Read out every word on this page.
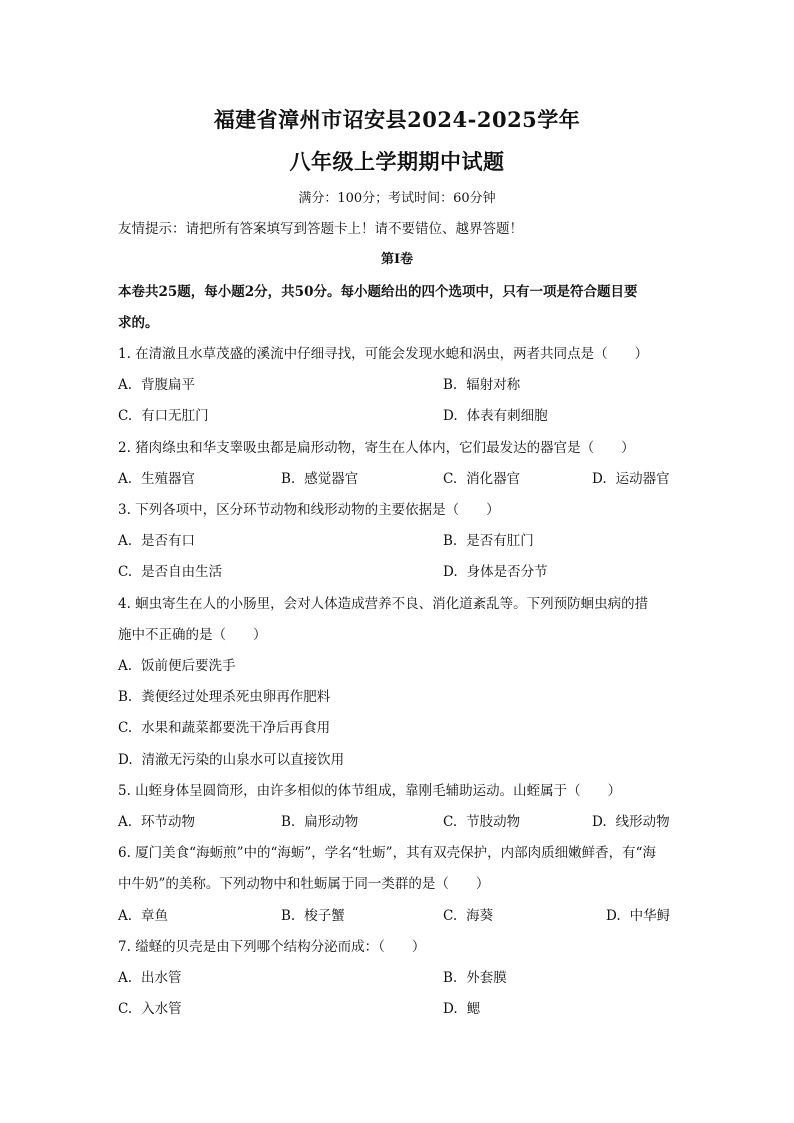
福建省漳州市诏安县2024-2025学年
八年级上学期期中试题
满分：100分；考试时间：60分钟
友情提示：请把所有答案填写到答题卡上！请不要错位、越界答题！
第I卷
本卷共25题，每小题2分，共50分。每小题给出的四个选项中，只有一项是符合题目要
求的。
1. 在清澈且水草茂盛的溪流中仔细寻找，可能会发现水螅和涡虫，两者共同点是（　　）
A. 背腹扁平	B. 辐射对称
C. 有口无肛门	D. 体表有刺细胞
2. 猪肉绦虫和华支睾吸虫都是扁形动物，寄生在人体内，它们最发达的器官是（　　）
A. 生殖器官	B. 感觉器官	C. 消化器官	D. 运动器官
3. 下列各项中，区分环节动物和线形动物的主要依据是（　　）
A. 是否有口	B. 是否有肛门
C. 是否自由生活	D. 身体是否分节
4. 蛔虫寄生在人的小肠里，会对人体造成营养不良、消化道紊乱等。下列预防蛔虫病的措
施中不正确的是（　　）
A. 饭前便后要洗手
B. 粪便经过处理杀死虫卵再作肥料
C. 水果和蔬菜都要洗干净后再食用
D. 清澈无污染的山泉水可以直接饮用
5. 山蛭身体呈圆筒形，由许多相似的体节组成，靠刚毛辅助运动。山蛭属于（　　）
A. 环节动物	B. 扁形动物	C. 节肢动物	D. 线形动物
6. 厦门美食“海蛎煎”中的“海蛎”，学名“牡蛎”，其有双壳保护，内部肉质细嫩鲜香，有“海
中牛奶”的美称。下列动物中和牡蛎属于同一类群的是（　　）
A. 章鱼	B. 梭子蟹	C. 海葵	D. 中华鲟
7. 缢蛏的贝壳是由下列哪个结构分泌而成：（　　）
A. 出水管	B. 外套膜
C. 入水管	D. 鳃
